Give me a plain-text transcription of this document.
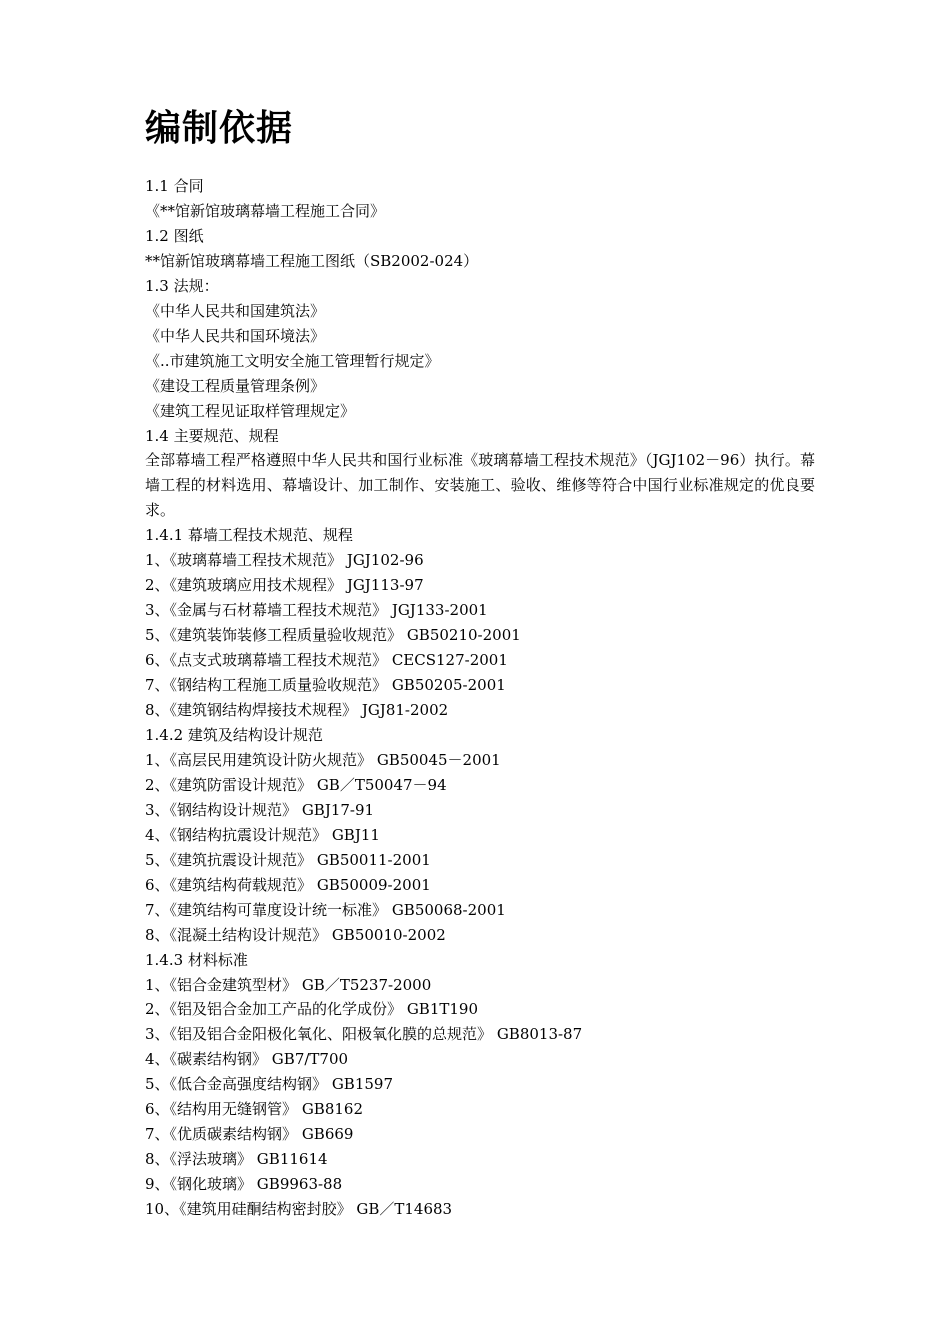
编制依据

1.1 合同

《**馆新馆玻璃幕墙工程施工合同》

1.2 图纸

**馆新馆玻璃幕墙工程施工图纸（SB2002-024）

1.3 法规：

《中华人民共和国建筑法》

《中华人民共和国环境法》

《..市建筑施工文明安全施工管理暂行规定》

《建设工程质量管理条例》

《建筑工程见证取样管理规定》

1.4 主要规范、规程

全部幕墙工程严格遵照中华人民共和国行业标准《玻璃幕墙工程技术规范》（JGJ102－96）执行。幕墙工程的材料选用、幕墙设计、加工制作、安装施工、验收、维修等符合中国行业标准规定的优良要求。

1.4.1 幕墙工程技术规范、规程

1、《玻璃幕墙工程技术规范》 JGJ102-96

2、《建筑玻璃应用技术规程》 JGJ113-97

3、《金属与石材幕墙工程技术规范》 JGJ133-2001

5、《建筑装饰装修工程质量验收规范》 GB50210-2001

6、《点支式玻璃幕墙工程技术规范》 CECS127-2001

7、《钢结构工程施工质量验收规范》 GB50205-2001

8、《建筑钢结构焊接技术规程》 JGJ81-2002

1.4.2 建筑及结构设计规范

1、《高层民用建筑设计防火规范》 GB50045－2001

2、《建筑防雷设计规范》 GB／T50047－94

3、《钢结构设计规范》 GBJ17-91

4、《钢结构抗震设计规范》 GBJ11

5、《建筑抗震设计规范》 GB50011-2001

6、《建筑结构荷载规范》 GB50009-2001

7、《建筑结构可靠度设计统一标准》 GB50068-2001

8、《混凝土结构设计规范》 GB50010-2002

1.4.3 材料标准

1、《铝合金建筑型材》 GB／T5237-2000

2、《铝及铝合金加工产品的化学成份》 GB1T190

3、《铝及铝合金阳极化氧化、阳极氧化膜的总规范》 GB8013-87

4、《碳素结构钢》 GB7/T700

5、《低合金高强度结构钢》 GB1597

6、《结构用无缝钢管》 GB8162

7、《优质碳素结构钢》 GB669

8、《浮法玻璃》 GB11614

9、《钢化玻璃》 GB9963-88

10、《建筑用硅酮结构密封胶》 GB／T14683
